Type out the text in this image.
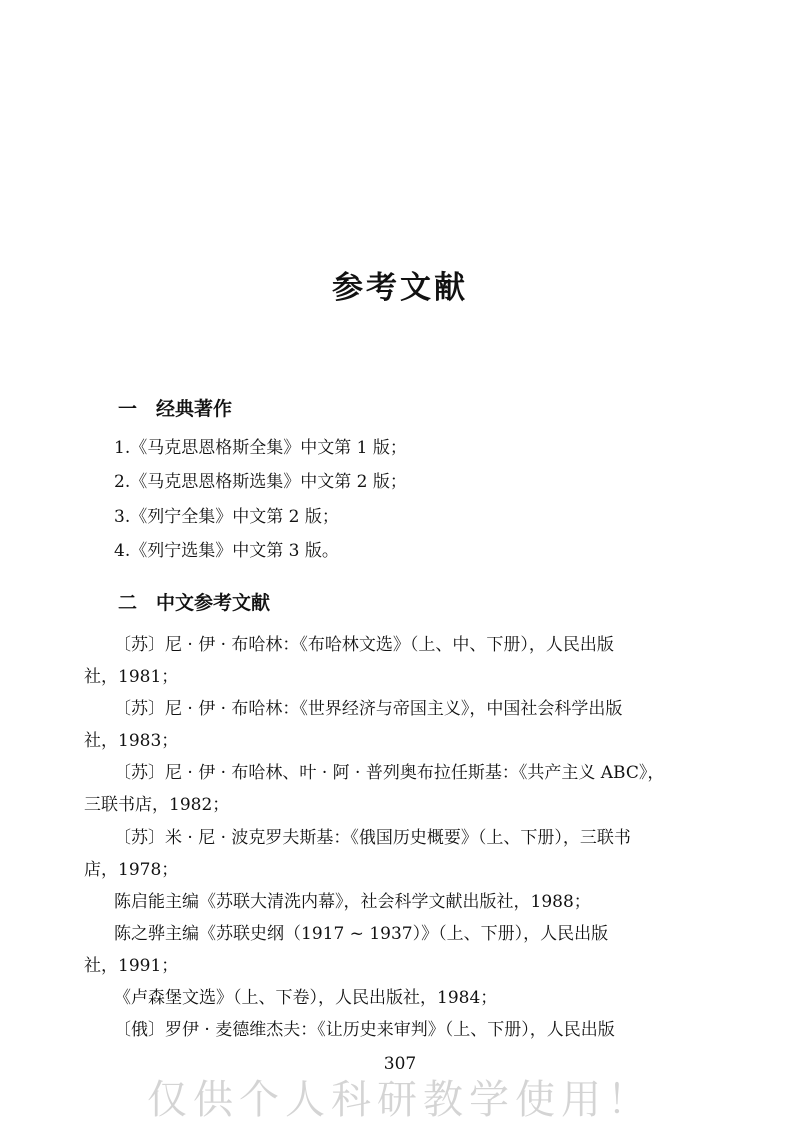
参考文献
一 经典著作
1.《马克思恩格斯全集》中文第 1 版；
2.《马克思恩格斯选集》中文第 2 版；
3.《列宁全集》中文第 2 版；
4.《列宁选集》中文第 3 版。
二 中文参考文献
〔苏〕尼 · 伊 · 布哈林：《布哈林文选》（上、中、下册），人民出版
社，1981；
〔苏〕尼 · 伊 · 布哈林：《世界经济与帝国主义》，中国社会科学出版
社，1983；
〔苏〕尼 · 伊 · 布哈林、叶 · 阿 · 普列奥布拉任斯基：《共产主义 ABC》，
三联书店，1982；
〔苏〕米 · 尼 · 波克罗夫斯基：《俄国历史概要》（上、下册），三联书
店，1978；
陈启能主编《苏联大清洗内幕》，社会科学文献出版社，1988；
陈之骅主编《苏联史纲（1917 ~ 1937）》（上、下册），人民出版
社，1991；
《卢森堡文选》（上、下卷），人民出版社，1984；
〔俄〕罗伊 · 麦德维杰夫：《让历史来审判》（上、下册），人民出版
307
仅供个人科研教学使用！
